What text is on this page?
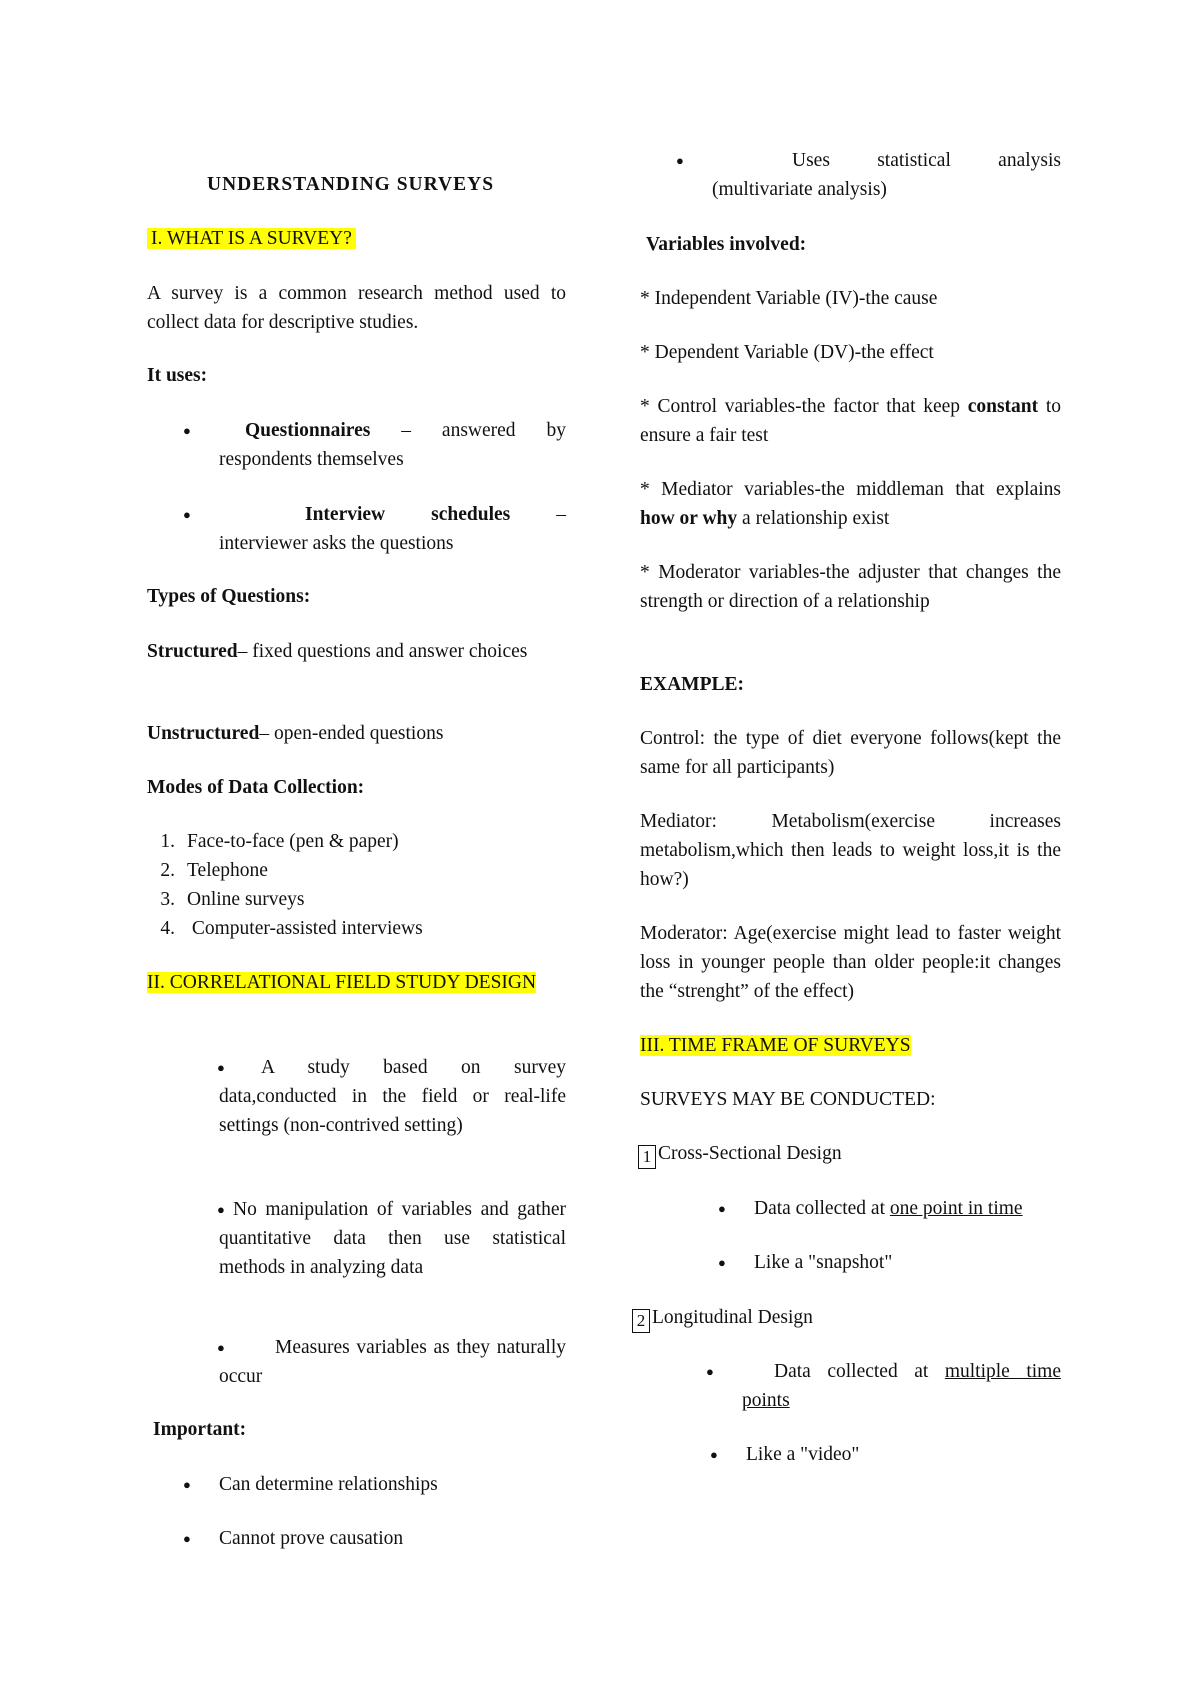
UNDERSTANDING SURVEYS

I. WHAT IS A SURVEY?

A survey is a common research method used to collect data for descriptive studies.

It uses:

●	Questionnaires – answered by respondents themselves

●	Interview schedules – interviewer asks the questions

Types of Questions:

Structured– fixed questions and answer choices

Unstructured– open-ended questions

Modes of Data Collection:

1. Face-to-face (pen & paper)
2. Telephone
3. Online surveys
4. Computer-assisted interviews

II. CORRELATIONAL FIELD STUDY DESIGN

●	A study based on survey data,conducted in the field or real-life settings (non-contrived setting)

● No manipulation of variables and gather quantitative data then use statistical methods in analyzing data

●	Measures variables as they naturally occur

Important:

● Can determine relationships

● Cannot prove causation

●	Uses statistical analysis (multivariate analysis)

Variables involved:

* Independent Variable (IV)-the cause

* Dependent Variable (DV)-the effect

* Control variables-the factor that keep constant to ensure a fair test

* Mediator variables-the middleman that explains how or why a relationship exist

* Moderator variables-the adjuster that changes the strength or direction of a relationship

EXAMPLE:

Control: the type of diet everyone follows(kept the same for all participants)

Mediator: Metabolism(exercise increases metabolism,which then leads to weight loss,it is the how?)

Moderator: Age(exercise might lead to faster weight loss in younger people than older people:it changes the “strenght” of the effect)

III. TIME FRAME OF SURVEYS

SURVEYS MAY BE CONDUCTED:

1 Cross-Sectional Design

● Data collected at one point in time

● Like a "snapshot"

2 Longitudinal Design

●	Data collected at multiple time points

● Like a "video"
